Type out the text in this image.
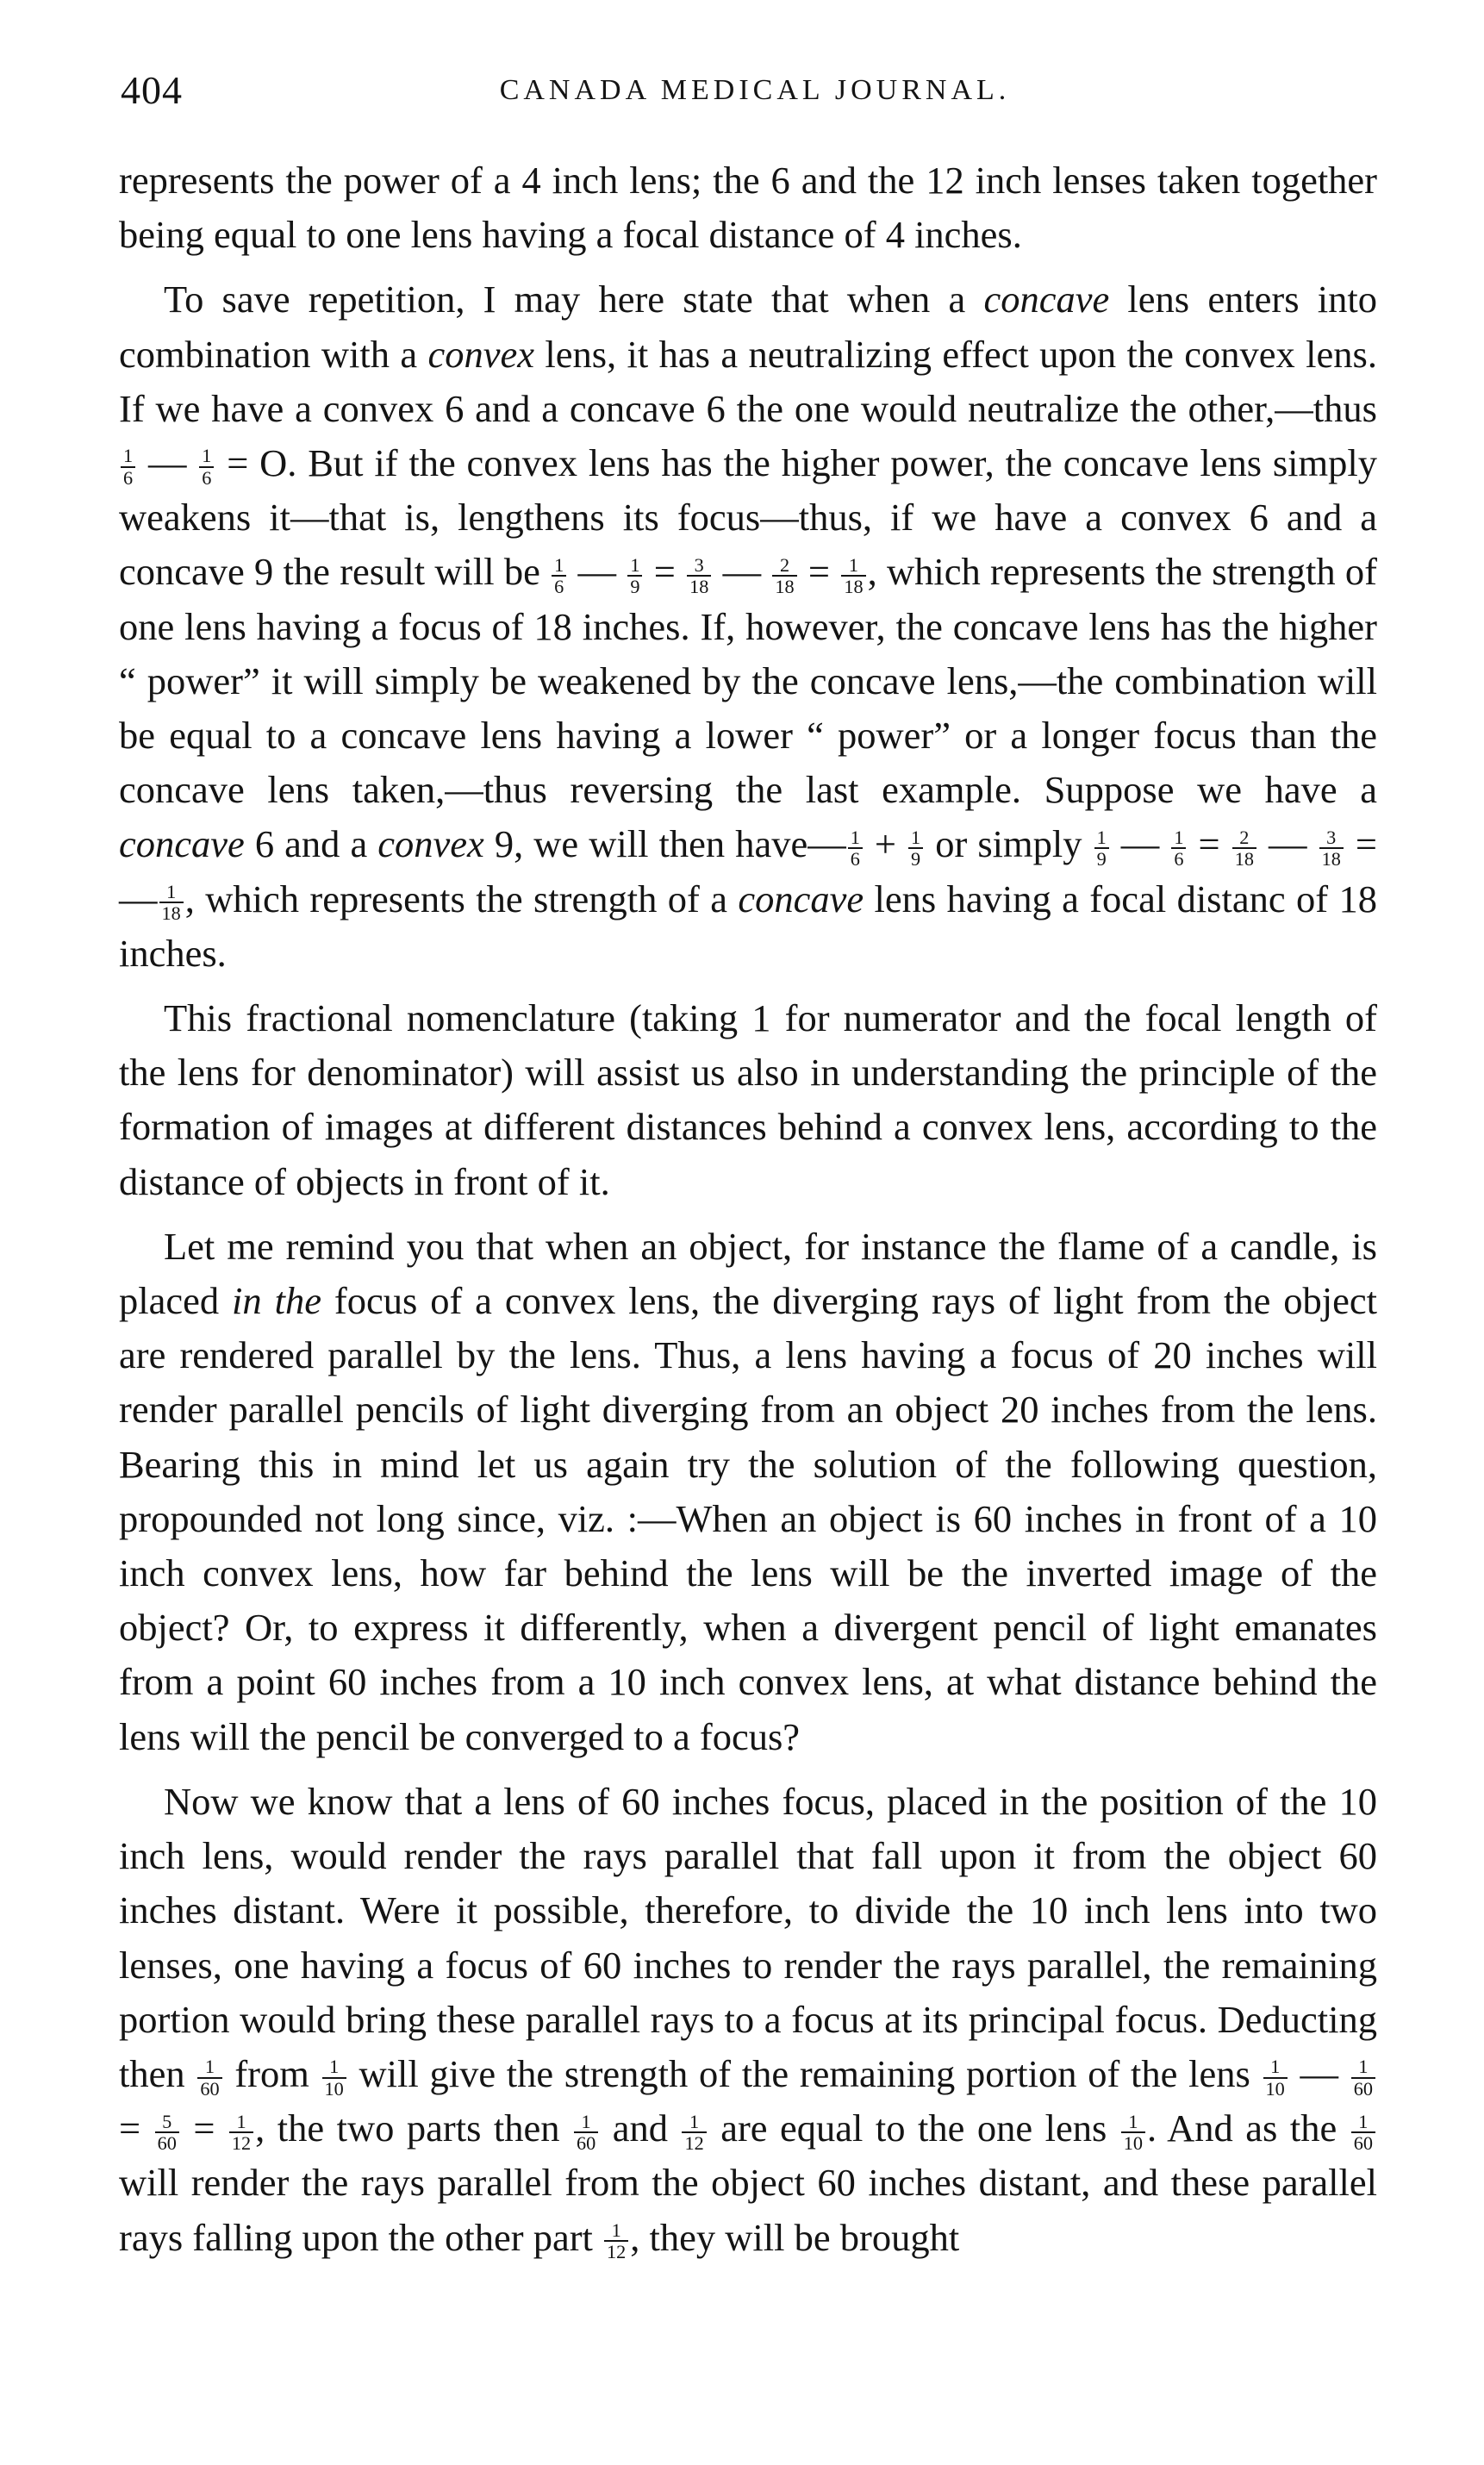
404	CANADA MEDICAL JOURNAL.

represents the power of a 4 inch lens; the 6 and the 12 inch lenses taken together being equal to one lens having a focal distance of 4 inches.

To save repetition, I may here state that when a concave lens enters into combination with a convex lens, it has a neutralizing effect upon the convex lens. If we have a convex 6 and a concave 6 the one would neutralize the other,—thus
$\frac{1}{6}$ — $\frac{1}{6} = O$. But if the convex lens has the higher power, the concave lens simply weakens it—that is, lengthens its focus—thus, if we have a convex 6 and a concave 9 the result will be $\frac{1}{6}$ — $\frac{1}{9} = \frac{3}{18}$ — $\frac{2}{18} = \frac{1}{18}$ , which represents the strength of one lens having a focus of 18 inches. If, however, the concave lens has the higher “ power” it will simply be weakened by the concave lens,—the combination will be equal to a concave lens having a lower “ power” or a longer focus than the concave lens taken,—thus reversing the last example. Suppose we have a concave 6 and a convex 9, we will then have— $\frac{1}{6} + \frac{1}{9}$ or simply $\frac{1}{9}$ — $\frac{1}{6} = \frac{2}{18}$ — $\frac{3}{18}$ = — $\frac{1}{18}$ , which represents the strength of a concave lens having a focal distanc of 18 inches.

This fractional nomenclature (taking 1 for numerator and the focal length of the lens for denominator) will assist us also in understanding the principle of the formation of images at different distances behind a convex lens, according to the distance of objects in front of it.

Let me remind you that when an object, for instance the flame of a candle, is placed in the focus of a convex lens, the diverging rays of light from the object are rendered parallel by the lens. Thus, a lens having a focus of 20 inches will render parallel pencils of light diverging from an object 20 inches from the lens. Bearing this in mind let us again try the solution of the following question, propounded not long since, viz. :—When an object is 60 inches in front of a 10 inch convex lens, how far behind the lens will be the inverted image of the object? Or, to express it differently, when a divergent pencil of light emanates from a point 60 inches from a 10 inch convex lens, at what distance behind the lens will the pencil be converged to a focus?

Now we know that a lens of 60 inches focus, placed in the position of the 10 inch lens, would render the rays parallel that fall upon it from the object 60 inches distant. Were it possible, therefore, to divide the 10 inch lens into two lenses, one having a focus of 60 inches to render the rays parallel, the remaining portion would bring these parallel rays to a focus at its principal focus. Deducting then $\frac{1}{60}$ from $\frac{1}{10}$ will give the strength of the remaining portion of the lens $\frac{1}{10}$ — $\frac{1}{60}$
= $\frac{5}{60} = \frac{1}{12}$ , the two parts then $\frac{1}{60}$ and $\frac{1}{12}$ are equal to the one lens $\frac{1}{10}$ . And as the $\frac{1}{60}$
will render the rays parallel from the object 60 inches distant, and these parallel rays falling upon the other part $\frac{1}{12}$ , they will be brought
